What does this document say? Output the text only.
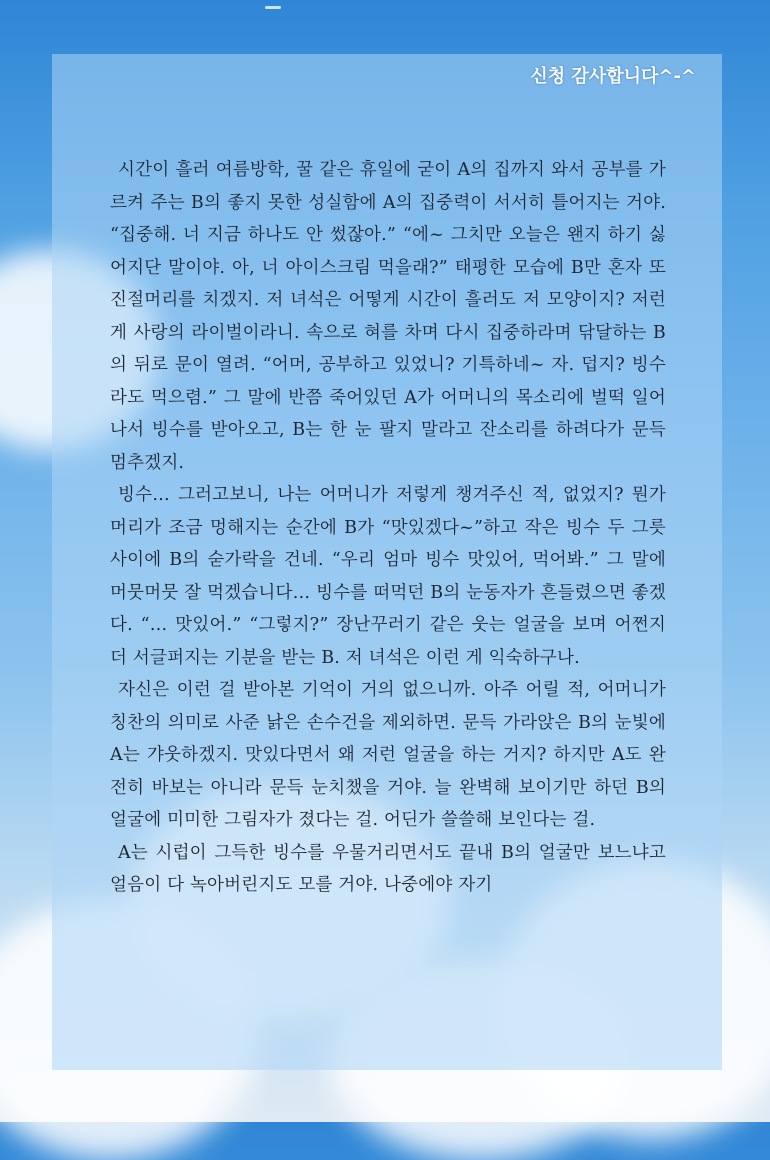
신청 감사합니다^-^

시간이 흘러 여름방학, 꿀 같은 휴일에 굳이 A의 집까지 와서 공부를 가르켜 주는 B의 좋지 못한 성실함에 A의 집중력이 서서히 틀어지는 거야. “집중해. 너 지금 하나도 안 썼잖아.” “에~ 그치만 오늘은 왠지 하기 싫어지단 말이야. 아, 너 아이스크림 먹을래?” 태평한 모습에 B만 혼자 또 진절머리를 치겠지. 저 녀석은 어떻게 시간이 흘러도 저 모양이지? 저런 게 사랑의 라이벌이라니. 속으로 혀를 차며 다시 집중하라며 닦달하는 B의 뒤로 문이 열려. “어머, 공부하고 있었니? 기특하네~ 자. 덥지? 빙수라도 먹으렴.” 그 말에 반쯤 죽어있던 A가 어머니의 목소리에 벌떡 일어나서 빙수를 받아오고, B는 한 눈 팔지 말라고 잔소리를 하려다가 문득 멈추겠지.

빙수… 그러고보니, 나는 어머니가 저렇게 챙겨주신 적, 없었지? 뭔가 머리가 조금 멍해지는 순간에 B가 “맛있겠다~”하고 작은 빙수 두 그릇 사이에 B의 숟가락을 건네. “우리 엄마 빙수 맛있어, 먹어봐.” 그 말에 머뭇머뭇 잘 먹겠습니다… 빙수를 떠먹던 B의 눈동자가 흔들렸으면 좋겠다. “… 맛있어.” “그렇지?” 장난꾸러기 같은 웃는 얼굴을 보며 어쩐지 더 서글퍼지는 기분을 받는 B. 저 녀석은 이런 게 익숙하구나.

자신은 이런 걸 받아본 기억이 거의 없으니까. 아주 어릴 적, 어머니가 칭찬의 의미로 사준 낡은 손수건을 제외하면. 문득 가라앉은 B의 눈빛에 A는 갸웃하겠지. 맛있다면서 왜 저런 얼굴을 하는 거지? 하지만 A도 완전히 바보는 아니라 문득 눈치챘을 거야. 늘 완벽해 보이기만 하던 B의 얼굴에 미미한 그림자가 졌다는 걸. 어딘가 쓸쓸해 보인다는 걸.

A는 시럽이 그득한 빙수를 우물거리면서도 끝내 B의 얼굴만 보느냐고 얼음이 다 녹아버린지도 모를 거야. 나중에야 자기
